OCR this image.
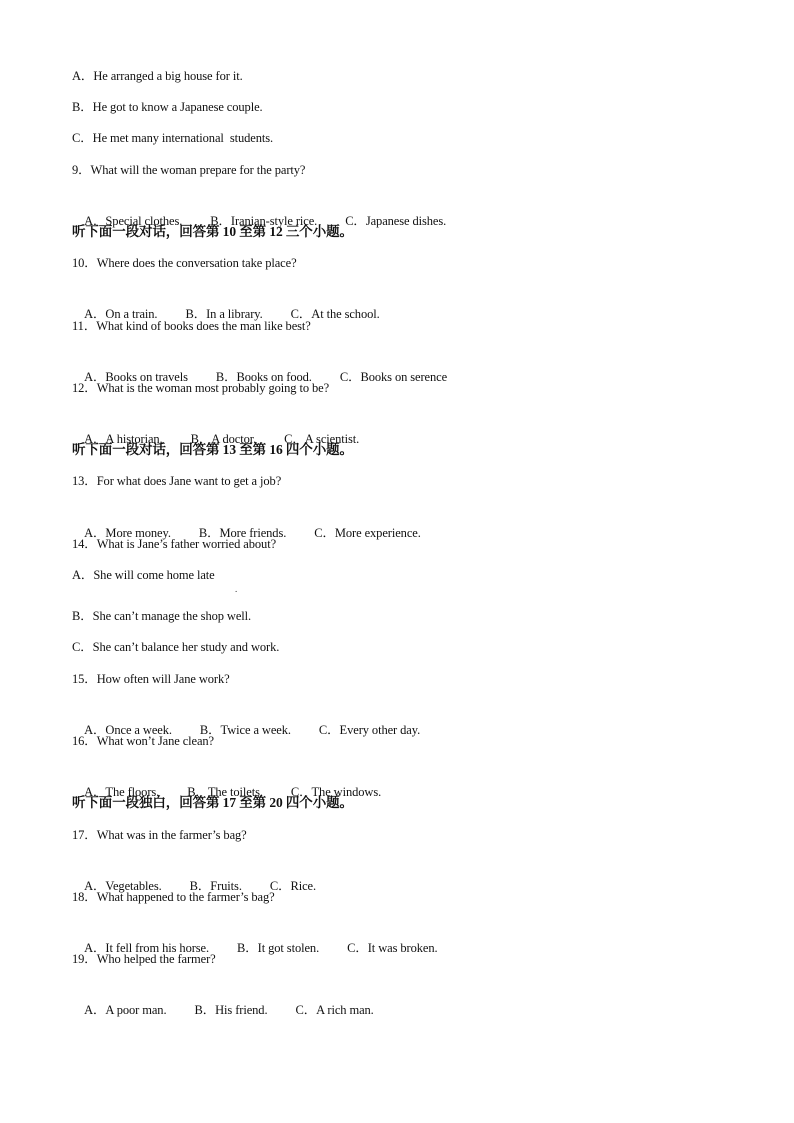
A．He arranged a big house for it.
B．He got to know a Japanese couple.
C．He met many international  students.
9．What will the woman prepare for the party?

A．Special clothes. B．Iranian-style rice. C．Japanese dishes.

听下面一段对话，回答第 10 至第 12 三个小题。
10．Where does the conversation take place?

A．On a train. B．In a library. C．At the school.

11．What kind of books does the man like best?

A．Books on travels B．Books on food. C．Books on serence

12．What is the woman most probably going to be?

A．A historian. B．A doctor. C．A scientist.

听下面一段对话，回答第 13 至第 16 四个小题。
13．For what does Jane want to get a job?

A．More money. B．More friends. C．More experience.

14．What is Jane’s father worried about?
A．She will come home late
.
B．She can’t manage the shop well.
C．She can’t balance her study and work.
15．How often will Jane work?

A．Once a week. B．Twice a week. C．Every other day.

16．What won’t Jane clean?

A．The floors. B．The toilets. C．The windows.

听下面一段独白，回答第 17 至第 20 四个小题。
17．What was in the farmer’s bag?

A．Vegetables. B．Fruits. C．Rice.

18．What happened to the farmer’s bag?

A．It fell from his horse. B．It got stolen. C．It was broken.

19．Who helped the farmer?

A．A poor man. B．His friend. C．A rich man.
